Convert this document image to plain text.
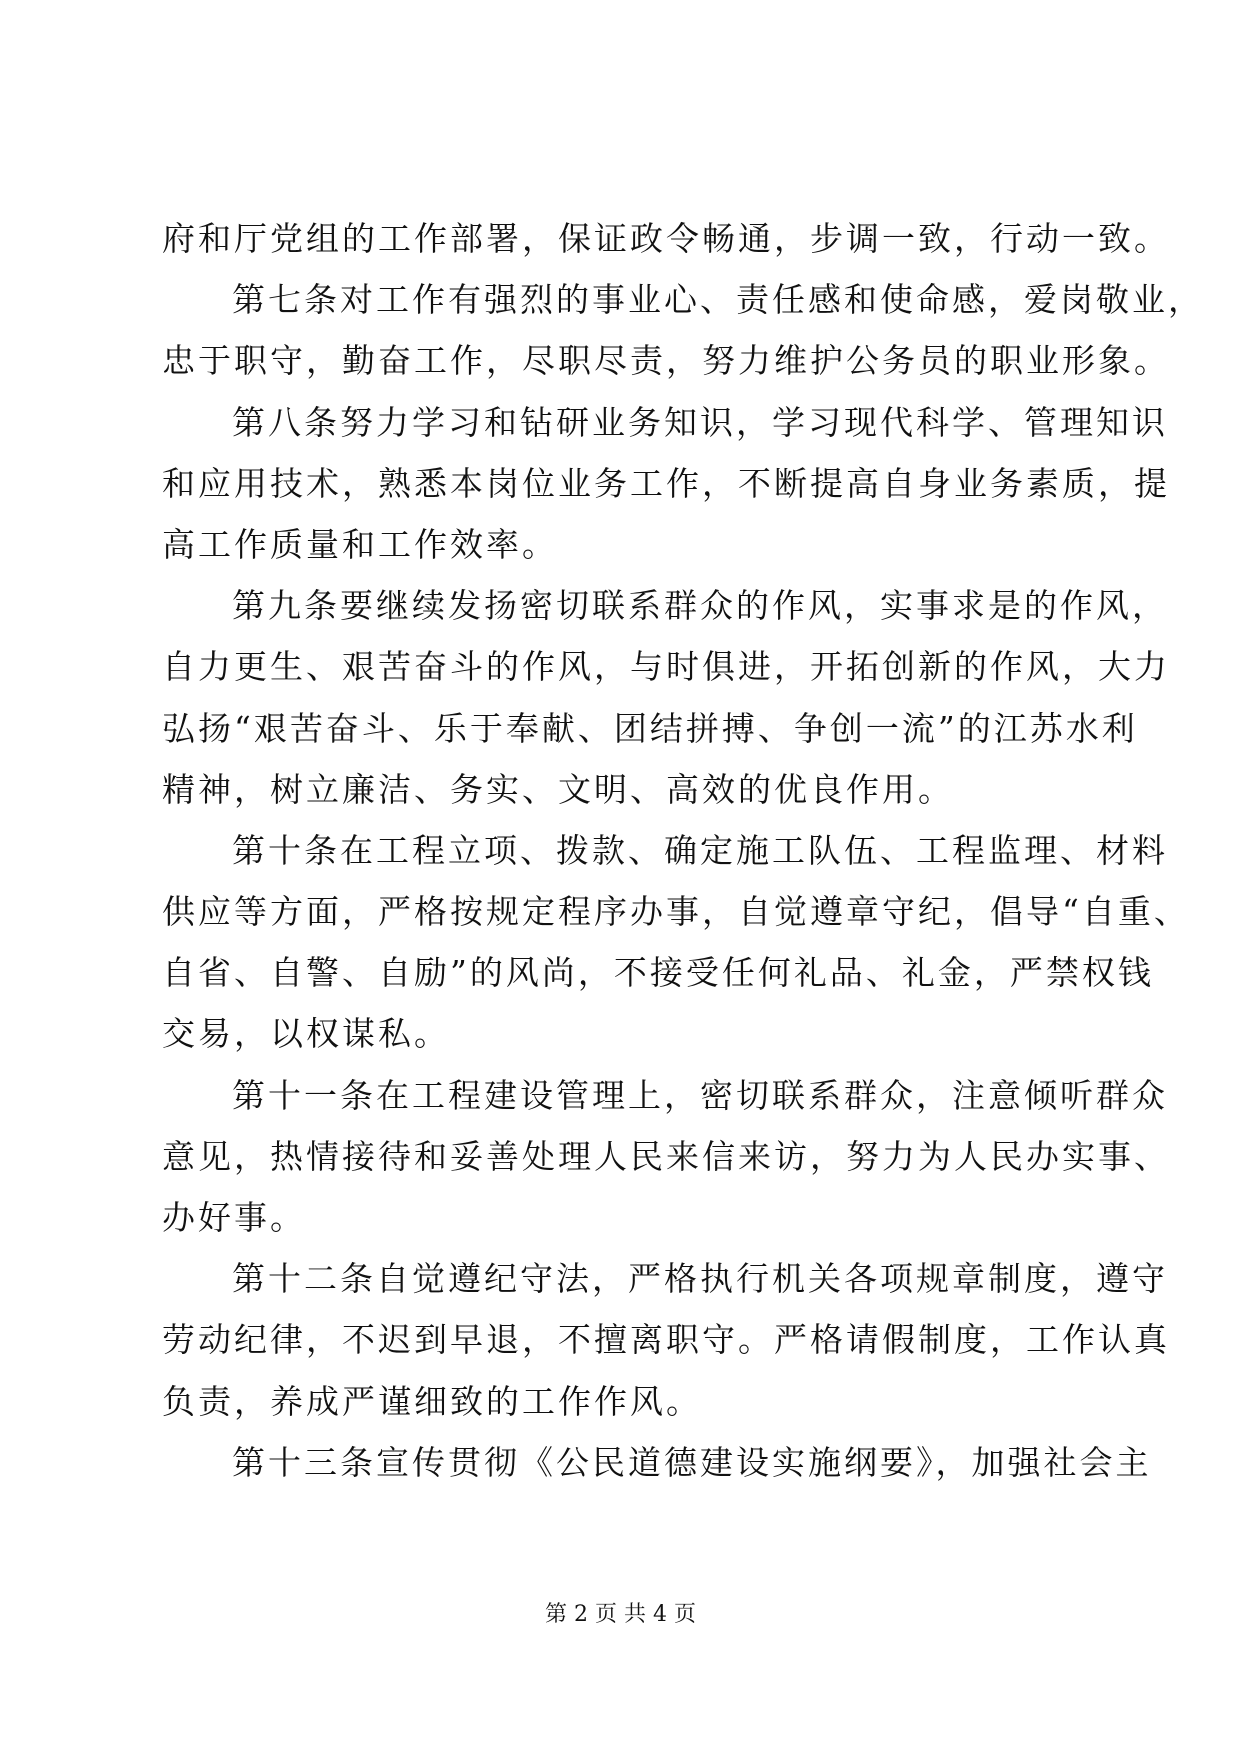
府和厅党组的工作部署，保证政令畅通，步调一致，行动一致。
第七条对工作有强烈的事业心、责任感和使命感，爱岗敬业，
忠于职守，勤奋工作，尽职尽责，努力维护公务员的职业形象。
第八条努力学习和钻研业务知识，学习现代科学、管理知识
和应用技术，熟悉本岗位业务工作，不断提高自身业务素质，提
高工作质量和工作效率。
第九条要继续发扬密切联系群众的作风，实事求是的作风，
自力更生、艰苦奋斗的作风，与时俱进，开拓创新的作风，大力
弘扬“艰苦奋斗、乐于奉献、团结拼搏、争创一流”的江苏水利
精神，树立廉洁、务实、文明、高效的优良作用。
第十条在工程立项、拨款、确定施工队伍、工程监理、材料
供应等方面，严格按规定程序办事，自觉遵章守纪，倡导“自重、
自省、自警、自励”的风尚，不接受任何礼品、礼金，严禁权钱
交易，以权谋私。
第十一条在工程建设管理上，密切联系群众，注意倾听群众
意见，热情接待和妥善处理人民来信来访，努力为人民办实事、
办好事。
第十二条自觉遵纪守法，严格执行机关各项规章制度，遵守
劳动纪律，不迟到早退，不擅离职守。严格请假制度，工作认真
负责，养成严谨细致的工作作风。
第十三条宣传贯彻《公民道德建设实施纲要》，加强社会主
第 2 页 共 4 页
